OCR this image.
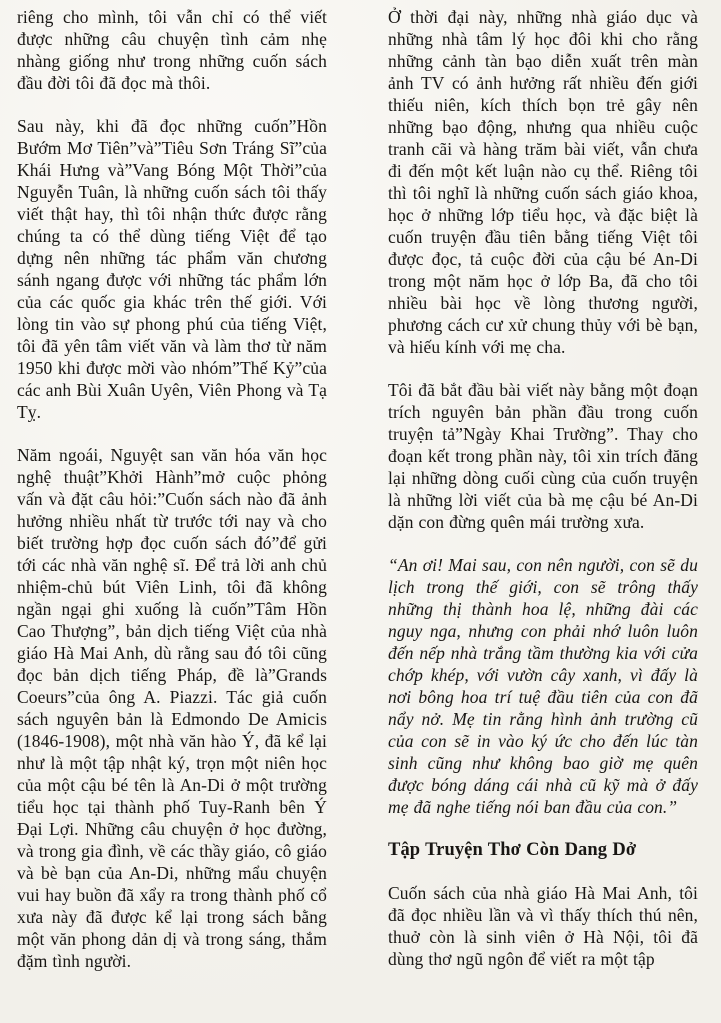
riêng cho mình, tôi vẫn chỉ có thể viết được những câu chuyện tình cảm nhẹ nhàng giống như trong những cuốn sách đầu đời tôi đã đọc mà thôi.

Sau này, khi đã đọc những cuốn”Hồn Bướm Mơ Tiên”và”Tiêu Sơn Tráng Sĩ”của Khái Hưng và”Vang Bóng Một Thời”của Nguyễn Tuân, là những cuốn sách tôi thấy viết thật hay, thì tôi nhận thức được rằng chúng ta có thể dùng tiếng Việt để tạo dựng nên những tác phẩm văn chương sánh ngang được với những tác phẩm lớn của các quốc gia khác trên thế giới. Với lòng tin vào sự phong phú của tiếng Việt, tôi đã yên tâm viết văn và làm thơ từ năm 1950 khi được mời vào nhóm”Thế Kỷ”của các anh Bùi Xuân Uyên, Viên Phong và Tạ Tỵ.

Năm ngoái, Nguyệt san văn hóa văn học nghệ thuật”Khởi Hành”mở cuộc phỏng vấn và đặt câu hỏi:”Cuốn sách nào đã ảnh hưởng nhiều nhất từ trước tới nay và cho biết trường hợp đọc cuốn sách đó”để gửi tới các nhà văn nghệ sĩ. Để trả lời anh chủ nhiệm-chủ bút Viên Linh, tôi đã không ngần ngại ghi xuống là cuốn”Tâm Hồn Cao Thượng”, bản dịch tiếng Việt của nhà giáo Hà Mai Anh, dù rằng sau đó tôi cũng đọc bản dịch tiếng Pháp, đề là”Grands Coeurs”của ông A. Piazzi. Tác giả cuốn sách nguyên bản là Edmondo De Amicis (1846-1908), một nhà văn hào Ý, đã kể lại như là một tập nhật ký, trọn một niên học của một cậu bé tên là An-Di ở một trường tiểu học tại thành phố Tuy-Ranh bên Ý Đại Lợi. Những câu chuyện ở học đường, và trong gia đình, về các thầy giáo, cô giáo và bè bạn của An-Di, những mẩu chuyện vui hay buồn đã xẩy ra trong thành phố cổ xưa này đã được kể lại trong sách bằng một văn phong dản dị và trong sáng, thắm đặm tình người.

Ở thời đại này, những nhà giáo dục và những nhà tâm lý học đôi khi cho rằng những cảnh tàn bạo diễn xuất trên màn ảnh TV có ảnh hưởng rất nhiều đến giới thiếu niên, kích thích bọn trẻ gây nên những bạo động, nhưng qua nhiều cuộc tranh cãi và hàng trăm bài viết, vẫn chưa đi đến một kết luận nào cụ thể. Riêng tôi thì tôi nghĩ là những cuốn sách giáo khoa, học ở những lớp tiểu học, và đặc biệt là cuốn truyện đầu tiên bằng tiếng Việt tôi được đọc, tả cuộc đời của cậu bé An-Di trong một năm học ở lớp Ba, đã cho tôi nhiều bài học về lòng thương người, phương cách cư xử chung thủy với bè bạn, và hiếu kính với mẹ cha.

Tôi đã bắt đầu bài viết này bằng một đoạn trích nguyên bản phần đầu trong cuốn truyện tả”Ngày Khai Trường”. Thay cho đoạn kết trong phần này, tôi xin trích đăng lại những dòng cuối cùng của cuốn truyện là những lời viết của bà mẹ cậu bé An-Di dặn con đừng quên mái trường xưa.

“An ơi! Mai sau, con nên người, con sẽ du lịch trong thế giới, con sẽ trông thấy những thị thành hoa lệ, những đài các nguy nga, nhưng con phải nhớ luôn luôn đến nếp nhà trắng tầm thường kia với cửa chớp khép, với vườn cây xanh, vì đấy là nơi bông hoa trí tuệ đầu tiên của con đã nẩy nở. Mẹ tin rằng hình ảnh trường cũ của con sẽ in vào ký ức cho đến lúc tàn sinh cũng như không bao giờ mẹ quên được bóng dáng cái nhà cũ kỹ mà ở đấy mẹ đã nghe tiếng nói ban đầu của con.”

Tập Truyện Thơ Còn Dang Dở

Cuốn sách của nhà giáo Hà Mai Anh, tôi đã đọc nhiều lần và vì thấy thích thú nên, thuở còn là sinh viên ở Hà Nội, tôi đã dùng thơ ngũ ngôn để viết ra một tập
